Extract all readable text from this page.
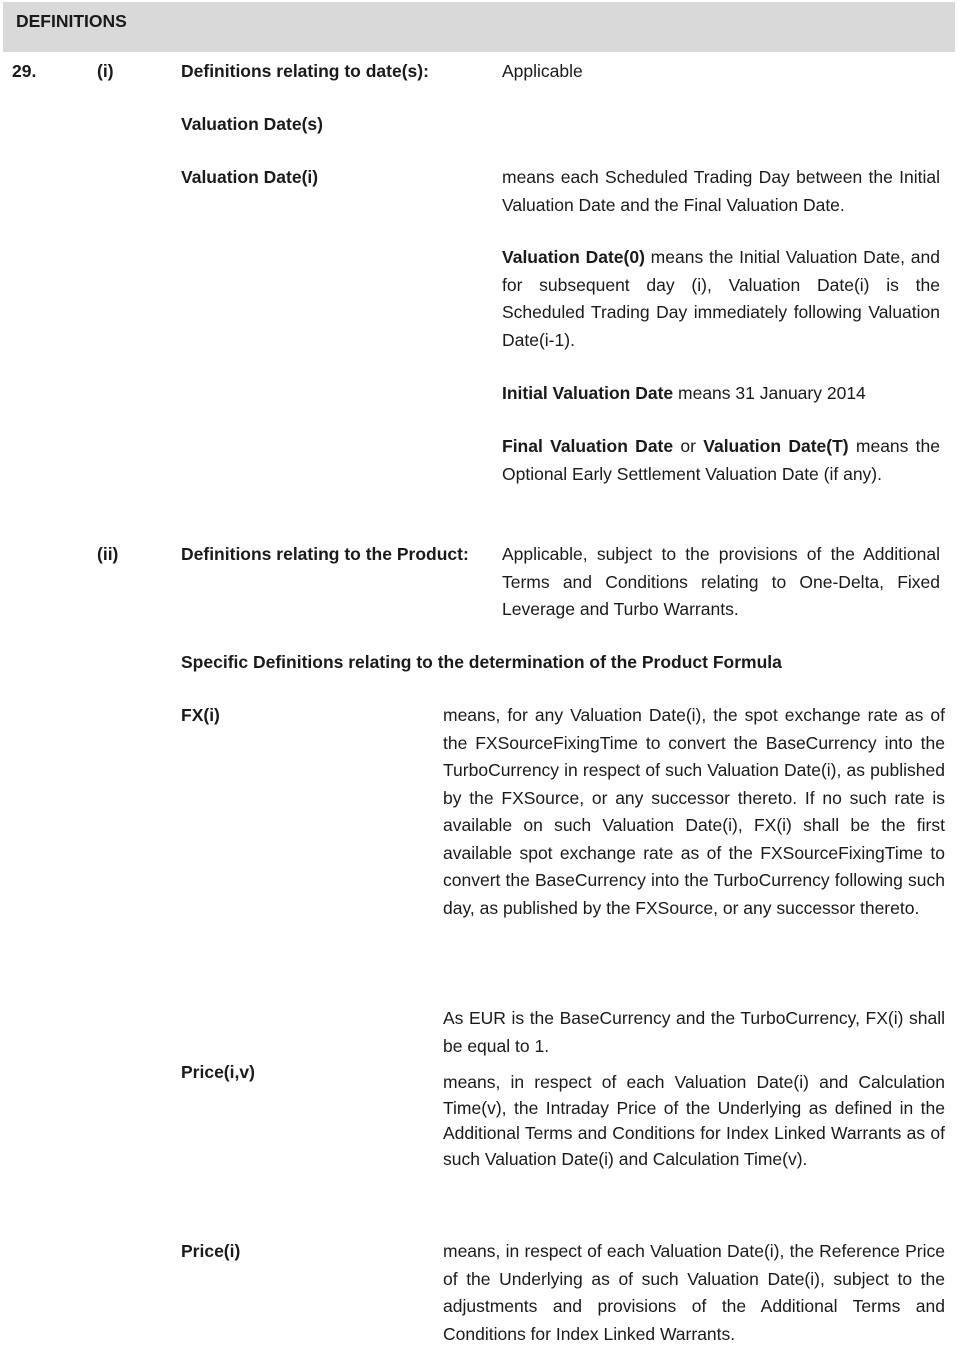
DEFINITIONS
29.	(i)	Definitions relating to date(s):	Applicable
Valuation Date(s)
Valuation Date(i)	means each Scheduled Trading Day between the Initial Valuation Date and the Final Valuation Date.
Valuation Date(0) means the Initial Valuation Date, and for subsequent day (i), Valuation Date(i) is the Scheduled Trading Day immediately following Valuation Date(i-1).
Initial Valuation Date means 31 January 2014
Final Valuation Date or Valuation Date(T) means the Optional Early Settlement Valuation Date (if any).
(ii)	Definitions relating to the Product:	Applicable, subject to the provisions of the Additional Terms and Conditions relating to One-Delta, Fixed Leverage and Turbo Warrants.
Specific Definitions relating to the determination of the Product Formula
FX(i)	means, for any Valuation Date(i), the spot exchange rate as of the FXSourceFixingTime to convert the BaseCurrency into the TurboCurrency in respect of such Valuation Date(i), as published by the FXSource, or any successor thereto. If no such rate is available on such Valuation Date(i), FX(i) shall be the first available spot exchange rate as of the FXSourceFixingTime to convert the BaseCurrency into the TurboCurrency following such day, as published by the FXSource, or any successor thereto.
As EUR is the BaseCurrency and the TurboCurrency, FX(i) shall be equal to 1.
Price(i,v)	means, in respect of each Valuation Date(i) and Calculation Time(v), the Intraday Price of the Underlying as defined in the Additional Terms and Conditions for Index Linked Warrants as of such Valuation Date(i) and Calculation Time(v).
Price(i)	means, in respect of each Valuation Date(i), the Reference Price of the Underlying as of such Valuation Date(i), subject to the adjustments and provisions of the Additional Terms and Conditions for Index Linked Warrants.
